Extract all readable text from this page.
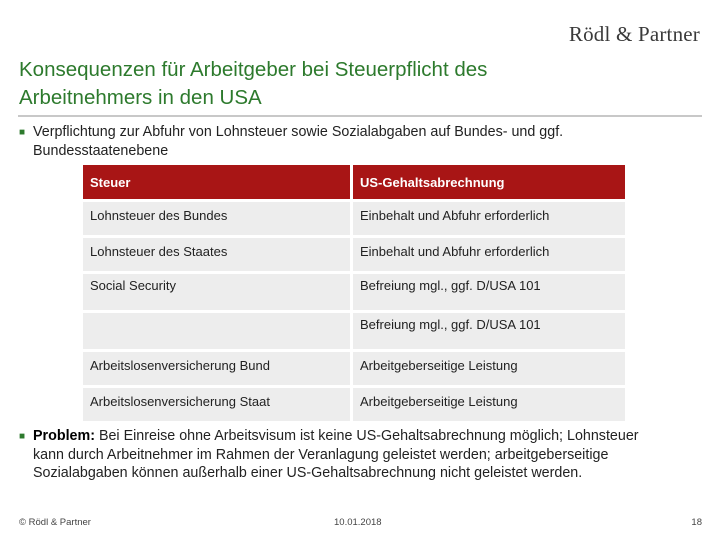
Rödl & Partner
Konsequenzen für Arbeitgeber bei Steuerpflicht des Arbeitnehmers in den USA
■ Verpflichtung zur Abfuhr von Lohnsteuer sowie Sozialabgaben auf Bundes- und ggf. Bundesstaatenebene
Steuer	US-Gehaltsabrechnung
Lohnsteuer des Bundes	Einbehalt und Abfuhr erforderlich
Lohnsteuer des Staates	Einbehalt und Abfuhr erforderlich
Social Security	Befreiung mgl., ggf. D/USA 101
	Befreiung mgl., ggf. D/USA 101
Arbeitslosenversicherung Bund	Arbeitgeberseitige Leistung
Arbeitslosenversicherung Staat	Arbeitgeberseitige Leistung
■ Problem: Bei Einreise ohne Arbeitsvisum ist keine US-Gehaltsabrechnung möglich; Lohnsteuer kann durch Arbeitnehmer im Rahmen der Veranlagung geleistet werden; arbeitgeberseitige Sozialabgaben können außerhalb einer US-Gehaltsabrechnung nicht geleistet werden.
© Rödl & Partner	10.01.2018	18
